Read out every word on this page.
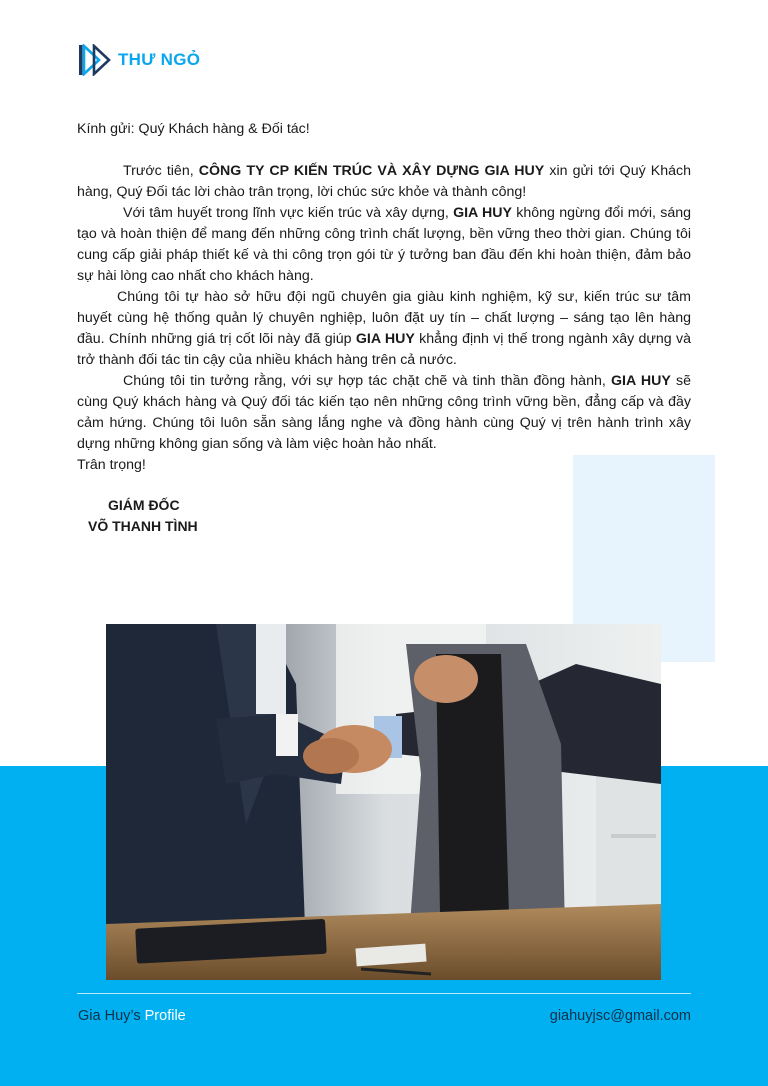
THƯ NGỎ

Kính gửi: Quý Khách hàng & Đối tác!

Trước tiên, CÔNG TY CP KIẾN TRÚC VÀ XÂY DỰNG GIA HUY xin gửi tới Quý Khách hàng, Quý Đối tác lời chào trân trọng, lời chúc sức khỏe và thành công!

Với tâm huyết trong lĩnh vực kiến trúc và xây dựng, GIA HUY không ngừng đổi mới, sáng tạo và hoàn thiện để mang đến những công trình chất lượng, bền vững theo thời gian. Chúng tôi cung cấp giải pháp thiết kế và thi công trọn gói từ ý tưởng ban đầu đến khi hoàn thiện, đảm bảo sự hài lòng cao nhất cho khách hàng.

Chúng tôi tự hào sở hữu đội ngũ chuyên gia giàu kinh nghiệm, kỹ sư, kiến trúc sư tâm huyết cùng hệ thống quản lý chuyên nghiệp, luôn đặt uy tín – chất lượng – sáng tạo lên hàng đầu. Chính những giá trị cốt lõi này đã giúp GIA HUY khẳng định vị thế trong ngành xây dựng và trở thành đối tác tin cậy của nhiều khách hàng trên cả nước.

Chúng tôi tin tưởng rằng, với sự hợp tác chặt chẽ và tinh thần đồng hành, GIA HUY sẽ cùng Quý khách hàng và Quý đối tác kiến tạo nên những công trình vững bền, đẳng cấp và đầy cảm hứng. Chúng tôi luôn sẵn sàng lắng nghe và đồng hành cùng Quý vị trên hành trình xây dựng những không gian sống và làm việc hoàn hảo nhất.

Trân trọng!

GIÁM ĐỐC
VÕ THANH TÌNH
Gia Huy’s Profile	giahuyjsc@gmail.com
